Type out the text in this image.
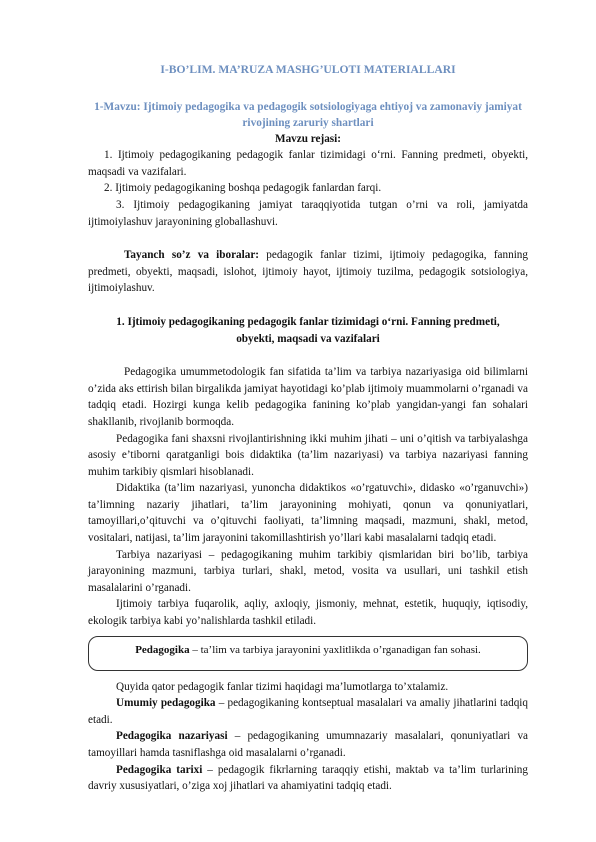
I-BO’LIM. MA’RUZA MASHG’ULOTI MATERIALLARI
1-Mavzu: Ijtimoiy pedagogika va pedagogik sotsiologiyaga ehtiyoj va zamonaviy jamiyat
rivojining zaruriy shartlari
Mavzu rejasi:

1. Ijtimoiy pedagogikaning pedagogik fanlar tizimidagi o‘rni. Fanning predmeti, obyekti, maqsadi va vazifalari.

2. Ijtimoiy pedagogikaning boshqa pedagogik fanlardan farqi.

3. Ijtimoiy pedagogikaning jamiyat taraqqiyotida tutgan o’rni va roli, jamiyatda ijtimoiylashuv jarayonining globallashuvi.

Tayanch so’z va iboralar: pedagogik fanlar tizimi, ijtimoiy pedagogika, fanning predmeti, obyekti, maqsadi, islohot, ijtimoiy hayot, ijtimoiy tuzilma, pedagogik sotsiologiya, ijtimoiylashuv.

1. Ijtimoiy pedagogikaning pedagogik fanlar tizimidagi o‘rni. Fanning predmeti,
obyekti, maqsadi va vazifalari

Pedagogika umummetodologik fan sifatida ta’lim va tarbiya nazariyasiga oid bilimlarni o’zida aks ettirish bilan birgalikda jamiyat hayotidagi ko’plab ijtimoiy muammolarni o’rganadi va tadqiq etadi. Hozirgi kunga kelib pedagogika fanining ko’plab yangidan-yangi fan sohalari shakllanib, rivojlanib bormoqda.

Pedagogika fani shaxsni rivojlantirishning ikki muhim jihati – uni o’qitish va tarbiyalashga asosiy e’tiborni qaratganligi bois didaktika (ta’lim nazariyasi) va tarbiya nazariyasi fanning muhim tarkibiy qismlari hisoblanadi.

Didaktika (ta’lim nazariyasi, yunoncha didaktikos «o’rgatuvchi», didasko «o’rganuvchi») ta’limning nazariy jihatlari, ta’lim jarayonining mohiyati, qonun va qonuniyatlari, tamoyillari,o’qituvchi va o’qituvchi faoliyati, ta’limning maqsadi, mazmuni, shakl, metod, vositalari, natijasi, ta’lim jarayonini takomillashtirish yo’llari kabi masalalarni tadqiq etadi.

Tarbiya nazariyasi – pedagogikaning muhim tarkibiy qismlaridan biri bo’lib, tarbiya jarayonining mazmuni, tarbiya turlari, shakl, metod, vosita va usullari, uni tashkil etish masalalarini o’rganadi.

Ijtimoiy tarbiya fuqarolik, aqliy, axloqiy, jismoniy, mehnat, estetik, huquqiy, iqtisodiy, ekologik tarbiya kabi yo’nalishlarda tashkil etiladi.

Pedagogika – ta’lim va tarbiya jarayonini yaxlitlikda o’rganadigan fan sohasi.

Quyida qator pedagogik fanlar tizimi haqidagi ma’lumotlarga to’xtalamiz.

Umumiy pedagogika – pedagogikaning kontseptual masalalari va amaliy jihatlarini tadqiq etadi.

Pedagogika nazariyasi – pedagogikaning umumnazariy masalalari, qonuniyatlari va tamoyillari hamda tasniflashga oid masalalarni o’rganadi.

Pedagogika tarixi – pedagogik fikrlarning taraqqiy etishi, maktab va ta’lim turlarining davriy xususiyatlari, o’ziga xoj jihatlari va ahamiyatini tadqiq etadi.
